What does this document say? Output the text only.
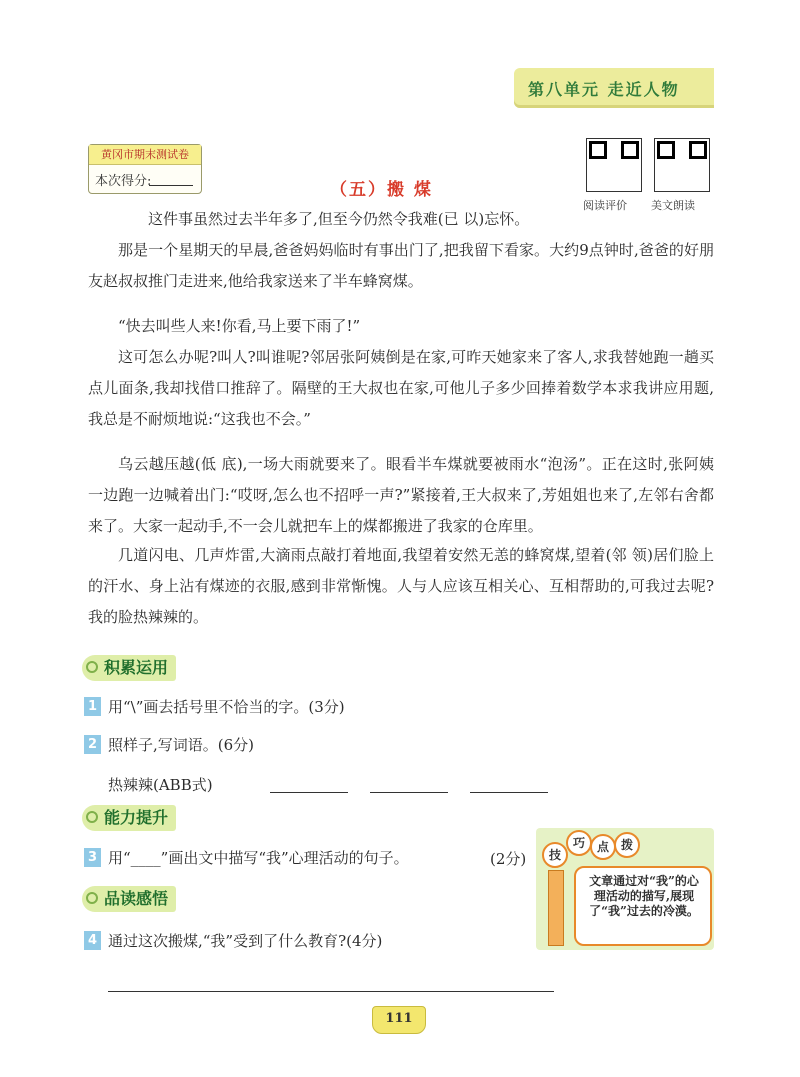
第八单元 走近人物
黄冈市期末测试卷
本次得分:	（五）搬 煤
阅读评价 美文朗读
这件事虽然过去半年多了,但至今仍然令我难(已 以)忘怀。
那是一个星期天的早晨,爸爸妈妈临时有事出门了,把我留下看家。大约9点钟时,爸爸的好朋友赵叔叔推门走进来,他给我家送来了半车蜂窝煤。
“快去叫些人来!你看,马上要下雨了!”
这可怎么办呢?叫人?叫谁呢?邻居张阿姨倒是在家,可昨天她家来了客人,求我替她跑一趟买点儿面条,我却找借口推辞了。隔壁的王大叔也在家,可他儿子多少回捧着数学本求我讲应用题,我总是不耐烦地说:“这我也不会。”
乌云越压越(低 底),一场大雨就要来了。眼看半车煤就要被雨水“泡汤”。正在这时,张阿姨一边跑一边喊着出门:“哎呀,怎么也不招呼一声?”紧接着,王大叔来了,芳姐姐也来了,左邻右舍都来了。大家一起动手,不一会儿就把车上的煤都搬进了我家的仓库里。
几道闪电、几声炸雷,大滴雨点敲打着地面,我望着安然无恙的蜂窝煤,望着(邻 领)居们脸上的汗水、身上沾有煤迹的衣服,感到非常惭愧。人与人应该互相关心、互相帮助的,可我过去呢?我的脸热辣辣的。
积累运用
1 用“\”画去括号里不恰当的字。(3分)
2 照样子,写词语。(6分)
热辣辣(ABB式)
能力提升
3 用“____”画出文中描写“我”心理活动的句子。	(2分)
品读感悟
4 通过这次搬煤,“我”受到了什么教育?(4分)
技
巧 点 拨
文章通过对“我”的心理活动的描写,展现了“我”过去的冷漠。
111
